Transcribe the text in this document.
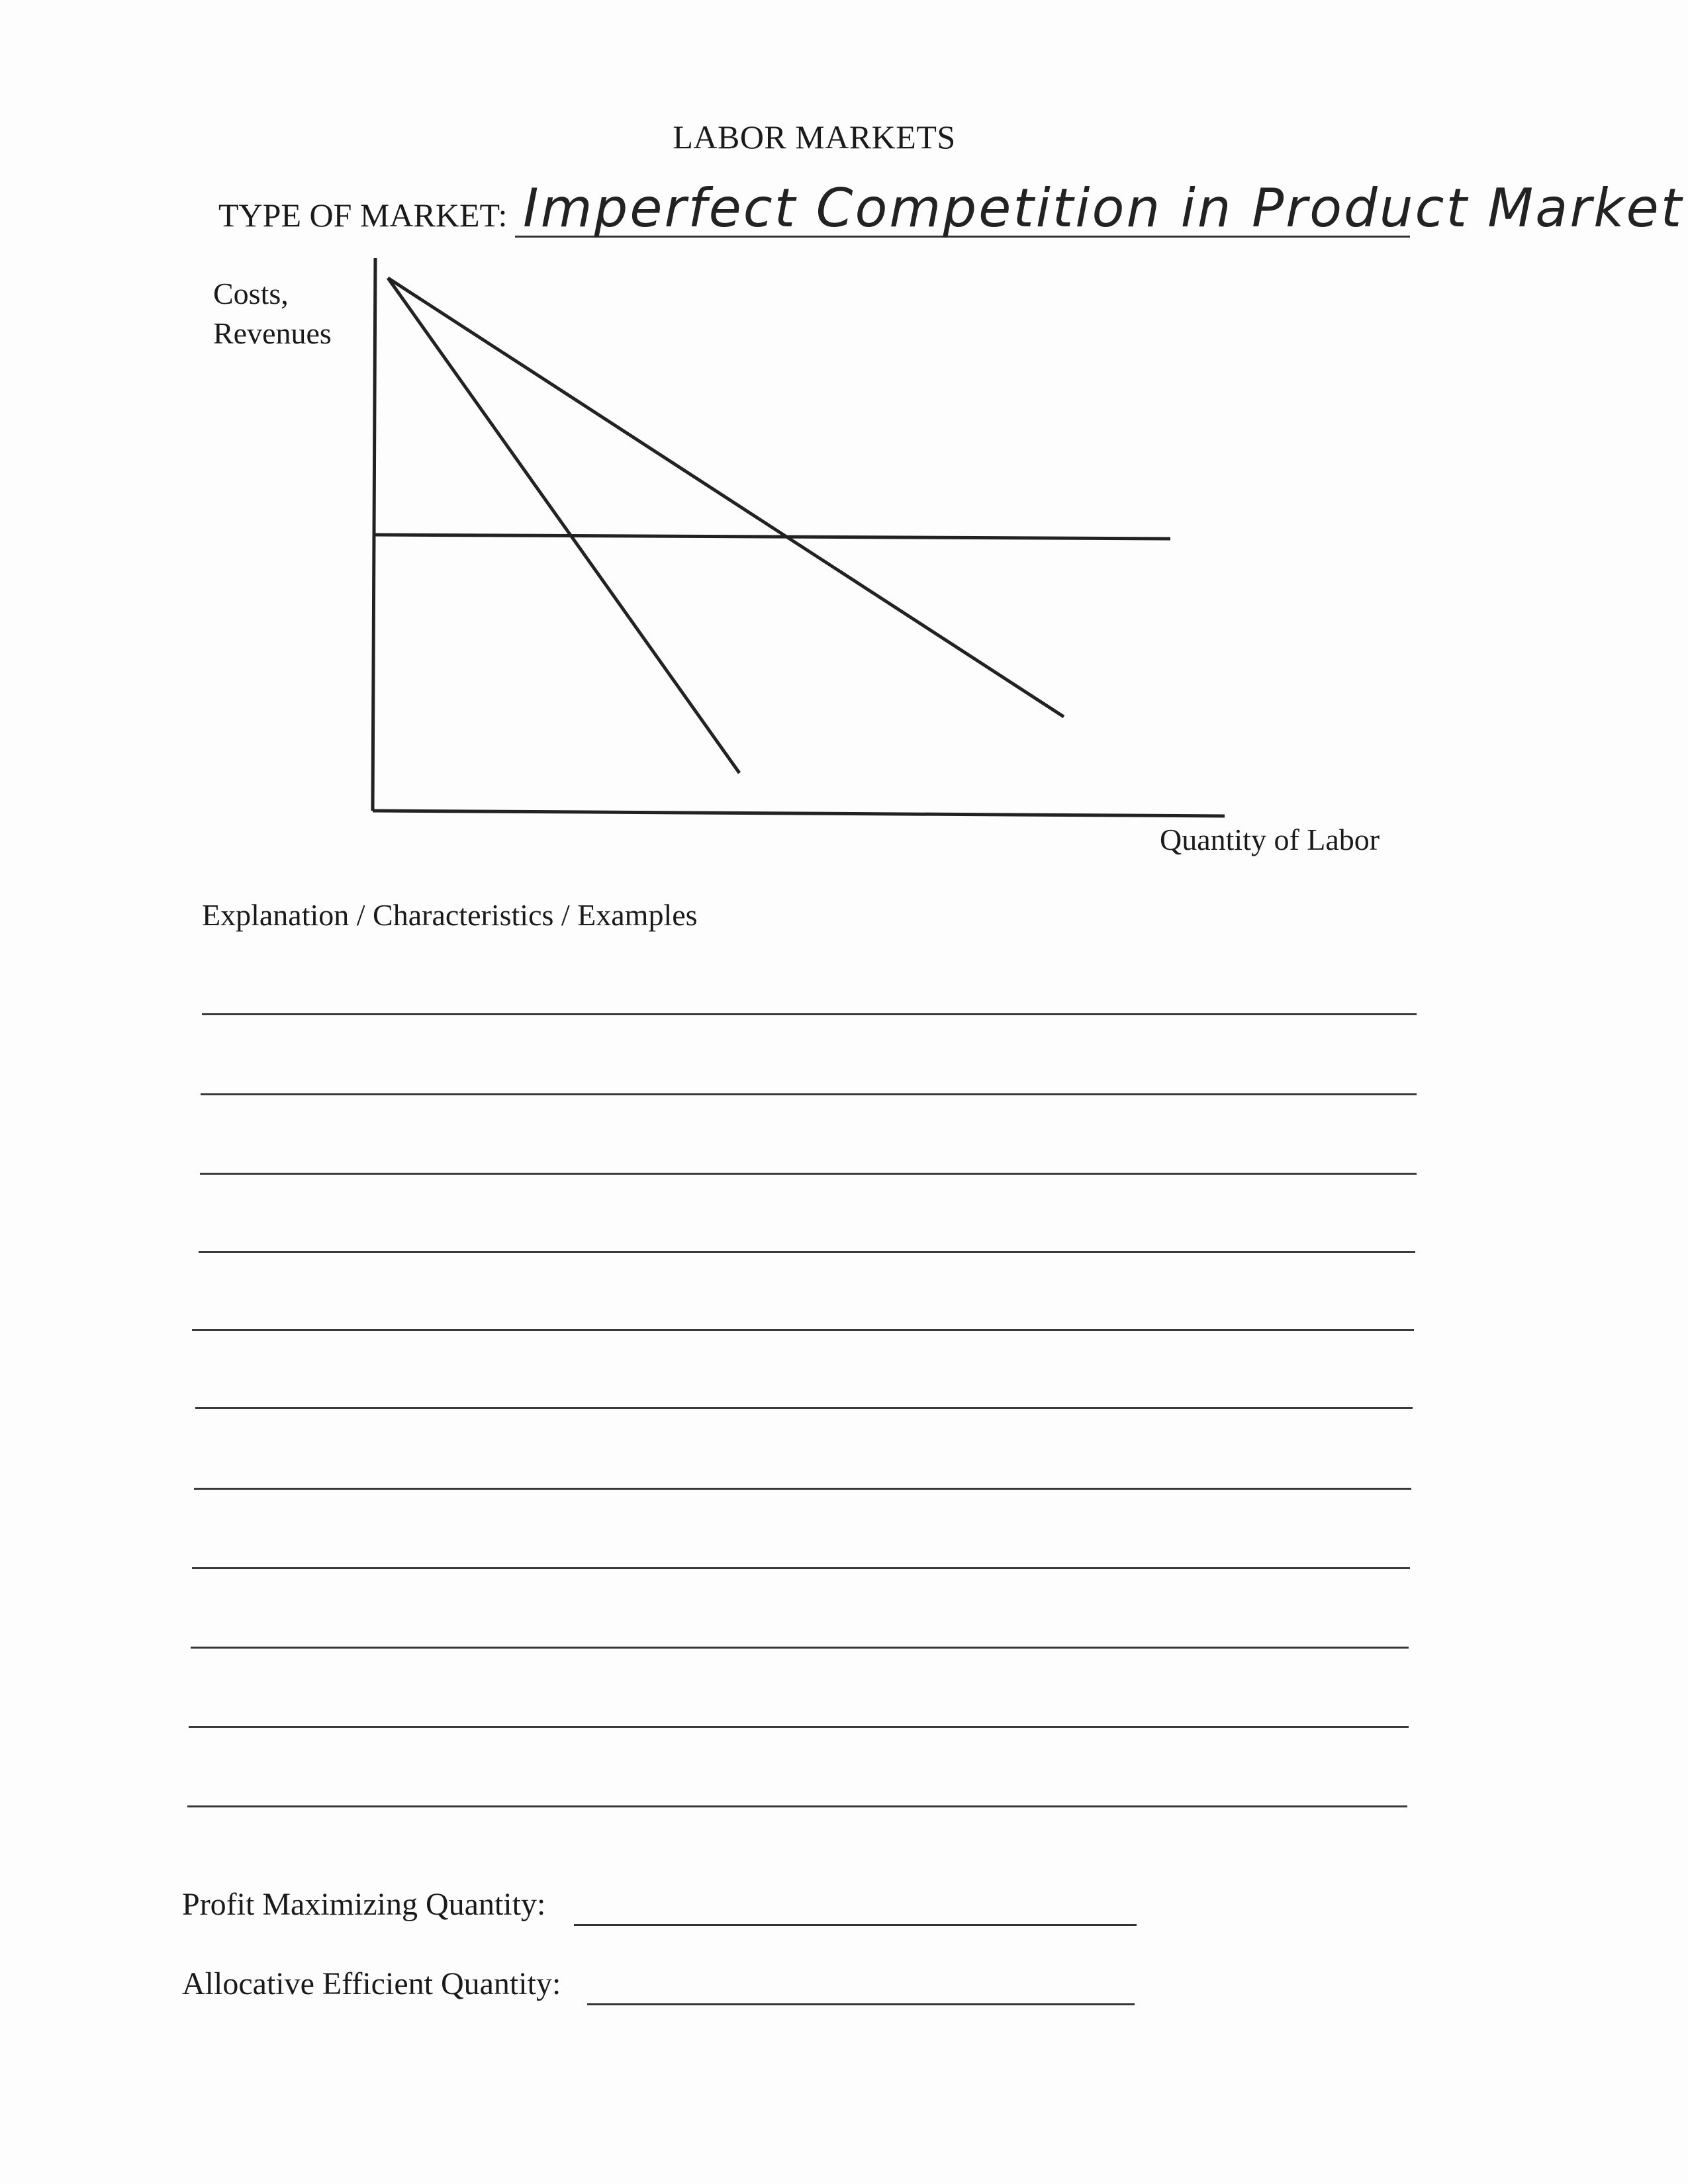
LABOR MARKETS
TYPE OF MARKET: Imperfect Competition in Product Market
Costs,
Revenues
Quantity of Labor
Explanation / Characteristics / Examples
Profit Maximizing Quantity:
Allocative Efficient Quantity:
